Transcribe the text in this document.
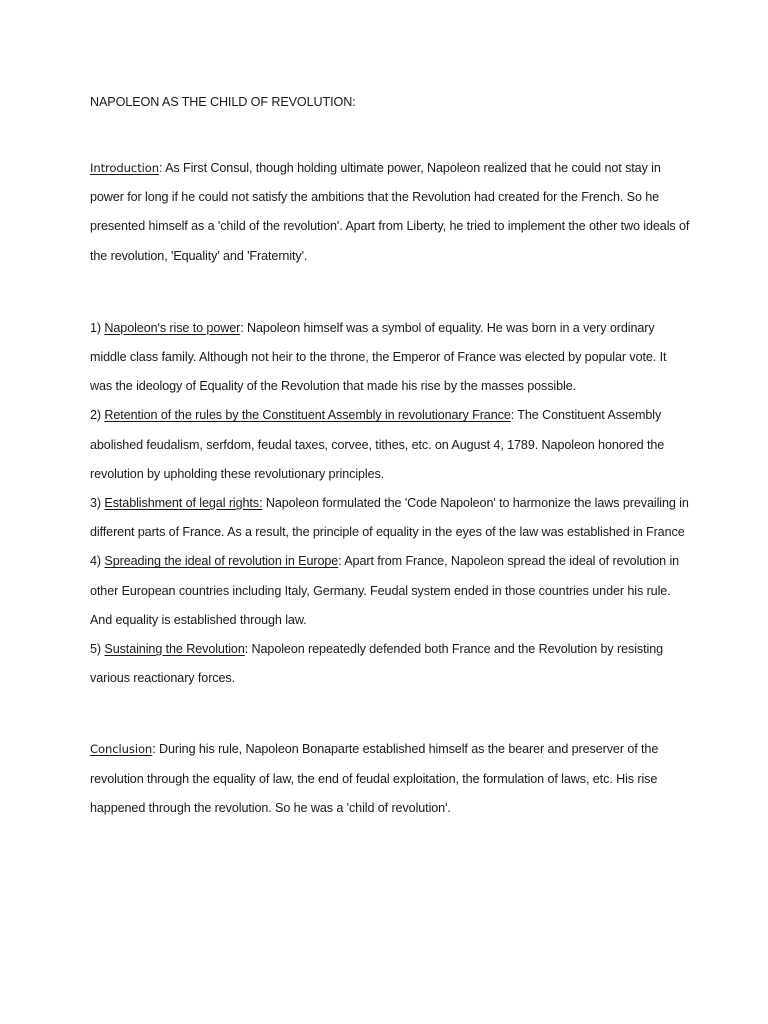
NAPOLEON AS THE CHILD OF REVOLUTION:

Introduction: As First Consul, though holding ultimate power, Napoleon realized that he could not stay in power for long if he could not satisfy the ambitions that the Revolution had created for the French. So he presented himself as a 'child of the revolution'. Apart from Liberty, he tried to implement the other two ideals of the revolution, 'Equality' and 'Fraternity'.

1) Napoleon's rise to power: Napoleon himself was a symbol of equality. He was born in a very ordinary middle class family. Although not heir to the throne, the Emperor of France was elected by popular vote. It was the ideology of Equality of the Revolution that made his rise by the masses possible.

2) Retention of the rules by the Constituent Assembly in revolutionary France: The Constituent Assembly abolished feudalism, serfdom, feudal taxes, corvee, tithes, etc. on August 4, 1789. Napoleon honored the revolution by upholding these revolutionary principles.

3) Establishment of legal rights: Napoleon formulated the 'Code Napoleon' to harmonize the laws prevailing in different parts of France. As a result, the principle of equality in the eyes of the law was established in France

4) Spreading the ideal of revolution in Europe: Apart from France, Napoleon spread the ideal of revolution in other European countries including Italy, Germany. Feudal system ended in those countries under his rule. And equality is established through law.

5) Sustaining the Revolution: Napoleon repeatedly defended both France and the Revolution by resisting various reactionary forces.

Conclusion: During his rule, Napoleon Bonaparte established himself as the bearer and preserver of the revolution through the equality of law, the end of feudal exploitation, the formulation of laws, etc. His rise happened through the revolution. So he was a 'child of revolution'.
